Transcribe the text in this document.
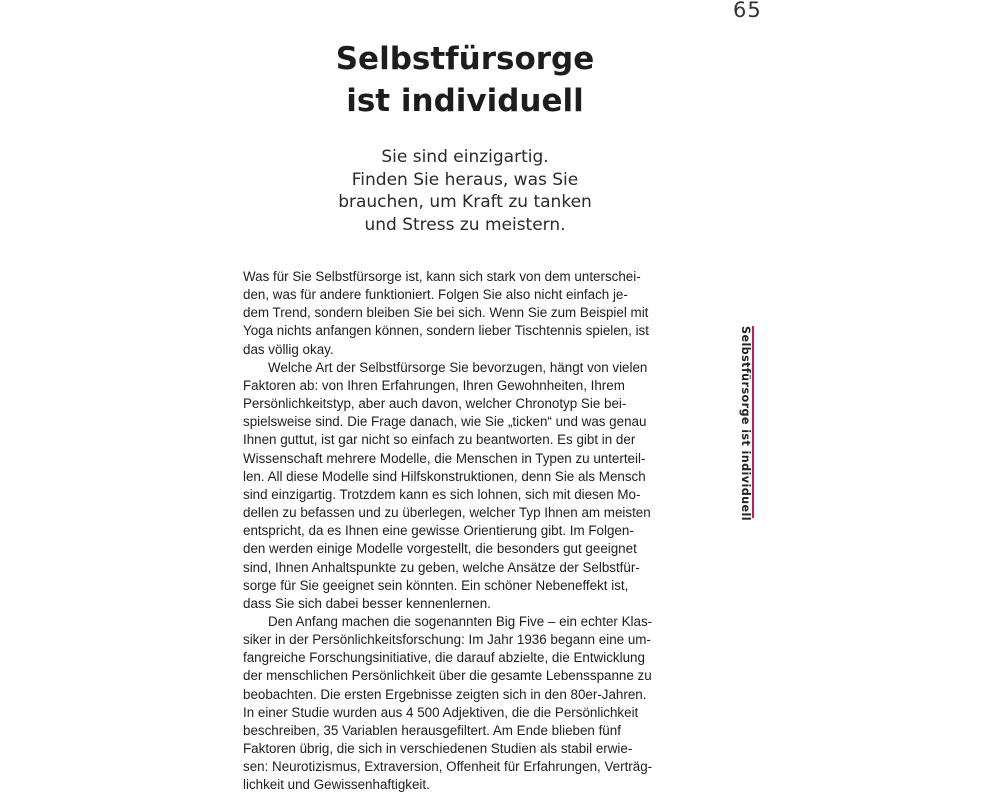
65

Selbstfürsorge
ist individuell
Sie sind einzigartig.
Finden Sie heraus, was Sie
brauchen, um Kraft zu tanken
und Stress zu meistern.

Was für Sie Selbstfürsorge ist, kann sich stark von dem unterschei-
den, was für andere funktioniert. Folgen Sie also nicht einfach je-
dem Trend, sondern bleiben Sie bei sich. Wenn Sie zum Beispiel mit
Yoga nichts anfangen können, sondern lieber Tischtennis spielen, ist
das völlig okay.

Welche Art der Selbstfürsorge Sie bevorzugen, hängt von vielen
Faktoren ab: von Ihren Erfahrungen, Ihren Gewohnheiten, Ihrem
Persönlichkeitstyp, aber auch davon, welcher Chronotyp Sie bei-
spielsweise sind. Die Frage danach, wie Sie „ticken“ und was genau
Ihnen guttut, ist gar nicht so einfach zu beantworten. Es gibt in der
Wissenschaft mehrere Modelle, die Menschen in Typen zu unterteil-
len. All diese Modelle sind Hilfskonstruktionen, denn Sie als Mensch
sind einzigartig. Trotzdem kann es sich lohnen, sich mit diesen Mo-
dellen zu befassen und zu überlegen, welcher Typ Ihnen am meisten
entspricht, da es Ihnen eine gewisse Orientierung gibt. Im Folgen-
den werden einige Modelle vorgestellt, die besonders gut geeignet
sind, Ihnen Anhaltspunkte zu geben, welche Ansätze der Selbstfür-
sorge für Sie geeignet sein könnten. Ein schöner Nebeneffekt ist,
dass Sie sich dabei besser kennenlernen.

Den Anfang machen die sogenannten Big Five – ein echter Klas-
siker in der Persönlichkeitsforschung: Im Jahr 1936 begann eine um-
fangreiche Forschungsinitiative, die darauf abzielte, die Entwicklung
der menschlichen Persönlichkeit über die gesamte Lebensspanne zu
beobachten. Die ersten Ergebnisse zeigten sich in den 80er-Jahren.
In einer Studie wurden aus 4 500 Adjektiven, die die Persönlichkeit
beschreiben, 35 Variablen herausgefiltert. Am Ende blieben fünf
Faktoren übrig, die sich in verschiedenen Studien als stabil erwie-
sen: Neurotizismus, Extraversion, Offenheit für Erfahrungen, Verträg-
lichkeit und Gewissenhaftigkeit.

Selbstfürsorge ist individuell
